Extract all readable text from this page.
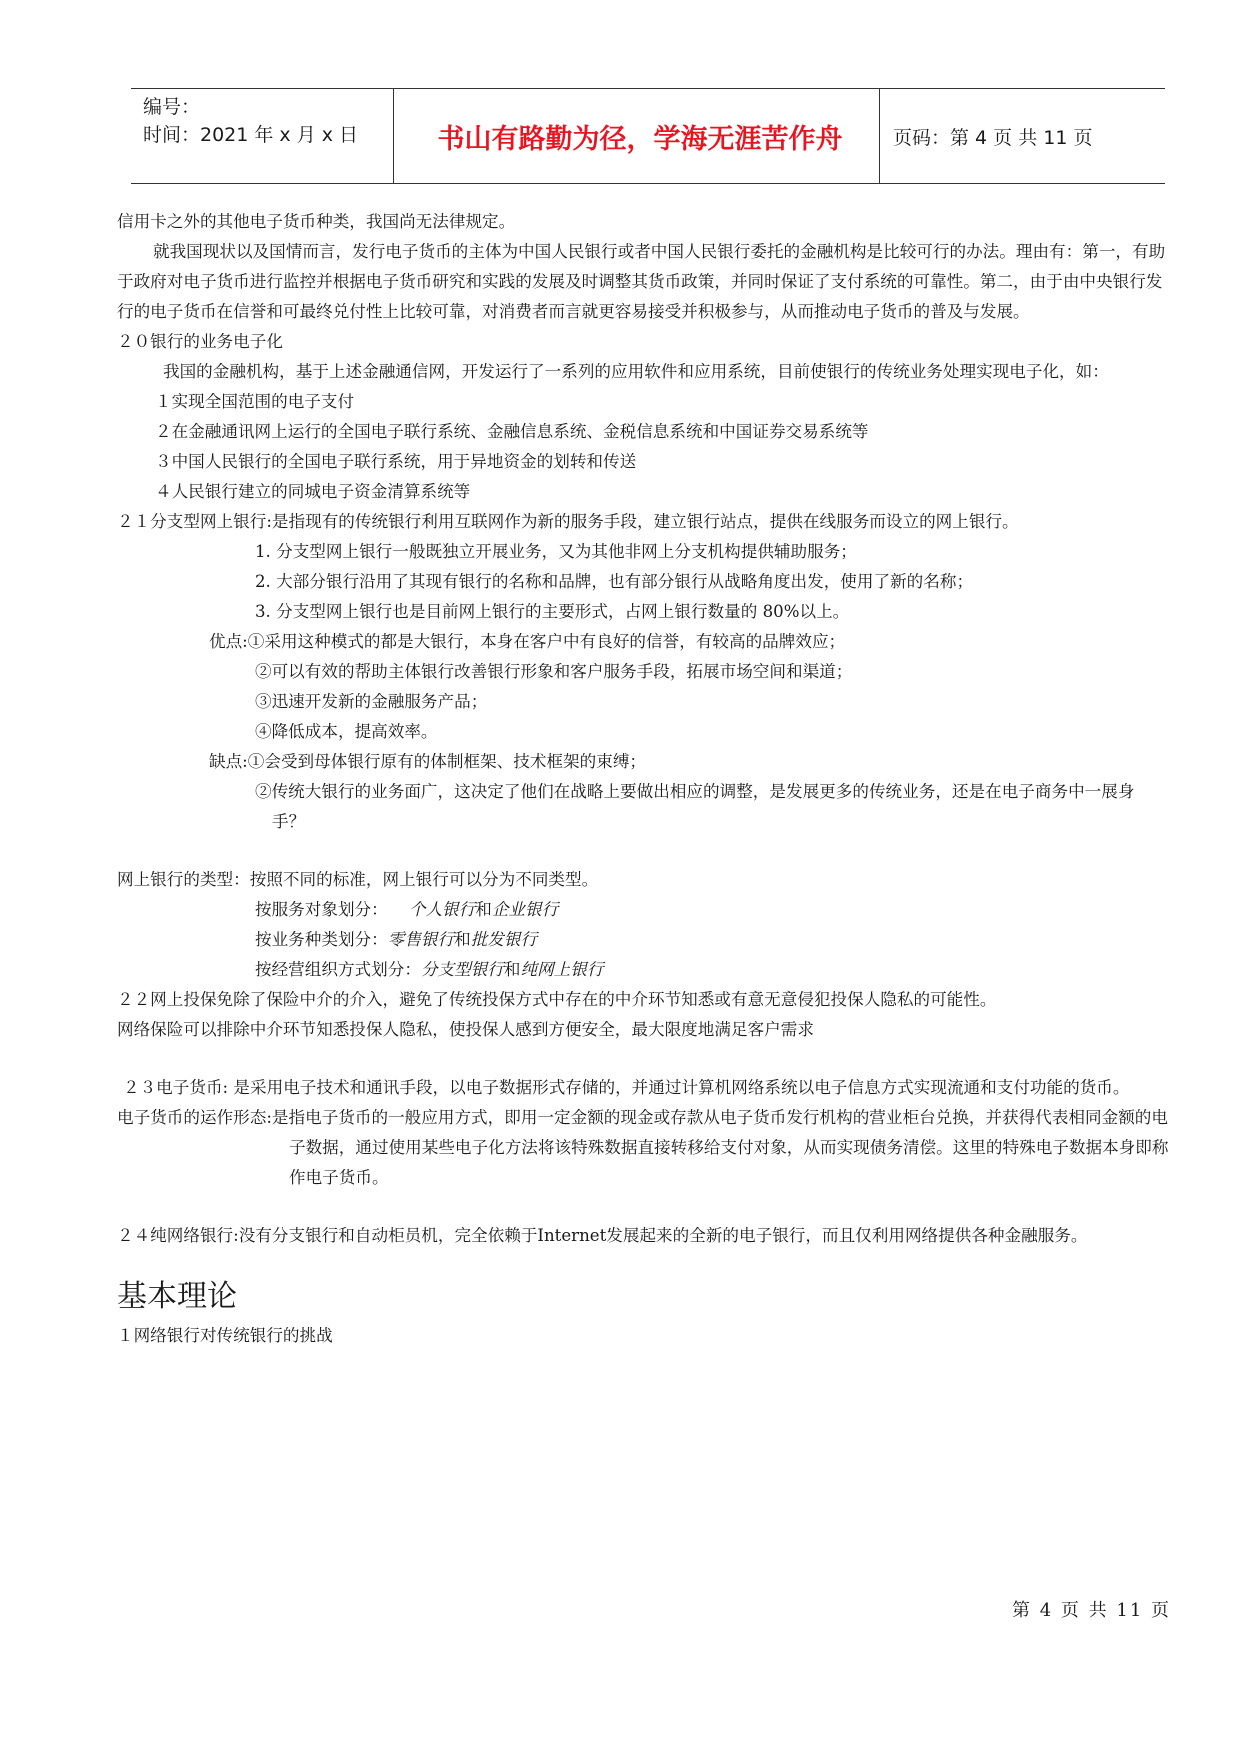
编号：
时间：2021 年 x 月 x 日	书山有路勤为径，学海无涯苦作舟	页码：第 4 页 共 11 页
信用卡之外的其他电子货币种类，我国尚无法律规定。
就我国现状以及国情而言，发行电子货币的主体为中国人民银行或者中国人民银行委托的金融机构是比较可行的办法。理由有：第一，有助于政府对电子货币进行监控并根据电子货币研究和实践的发展及时调整其货币政策，并同时保证了支付系统的可靠性。第二，由于由中央银行发行的电子货币在信誉和可最终兑付性上比较可靠，对消费者而言就更容易接受并积极参与，从而推动电子货币的普及与发展。
２０银行的业务电子化
我国的金融机构，基于上述金融通信网，开发运行了一系列的应用软件和应用系统，目前使银行的传统业务处理实现电子化，如：
１实现全国范围的电子支付
２在金融通讯网上运行的全国电子联行系统、金融信息系统、金税信息系统和中国证券交易系统等
３中国人民银行的全国电子联行系统，用于异地资金的划转和传送
４人民银行建立的同城电子资金清算系统等
２１分支型网上银行:是指现有的传统银行利用互联网作为新的服务手段，建立银行站点，提供在线服务而设立的网上银行。
1. 分支型网上银行一般既独立开展业务，又为其他非网上分支机构提供辅助服务；
2. 大部分银行沿用了其现有银行的名称和品牌，也有部分银行从战略角度出发，使用了新的名称；
3. 分支型网上银行也是目前网上银行的主要形式，占网上银行数量的 80%以上。
优点:①采用这种模式的都是大银行，本身在客户中有良好的信誉，有较高的品牌效应；
②可以有效的帮助主体银行改善银行形象和客户服务手段，拓展市场空间和渠道；
③迅速开发新的金融服务产品；
④降低成本，提高效率。
缺点:①会受到母体银行原有的体制框架、技术框架的束缚；
②传统大银行的业务面广，这决定了他们在战略上要做出相应的调整，是发展更多的传统业务，还是在电子商务中一展身手？
网上银行的类型：按照不同的标准，网上银行可以分为不同类型。
按服务对象划分： 个人银行和企业银行
按业务种类划分：零售银行和批发银行
按经营组织方式划分：分支型银行和纯网上银行
２２网上投保免除了保险中介的介入，避免了传统投保方式中存在的中介环节知悉或有意无意侵犯投保人隐私的可能性。
网络保险可以排除中介环节知悉投保人隐私，使投保人感到方便安全，最大限度地满足客户需求
２３电子货币: 是采用电子技术和通讯手段，以电子数据形式存储的，并通过计算机网络系统以电子信息方式实现流通和支付功能的货币。
电子货币的运作形态:是指电子货币的一般应用方式，即用一定金额的现金或存款从电子货币发行机构的营业柜台兑换，并获得代表相同金额的电子数据，通过使用某些电子化方法将该特殊数据直接转移给支付对象，从而实现债务清偿。这里的特殊电子数据本身即称作电子货币。
２４纯网络银行:没有分支银行和自动柜员机，完全依赖于Internet发展起来的全新的电子银行，而且仅利用网络提供各种金融服务。
基本理论
１网络银行对传统银行的挑战
第 4 页 共 11 页
